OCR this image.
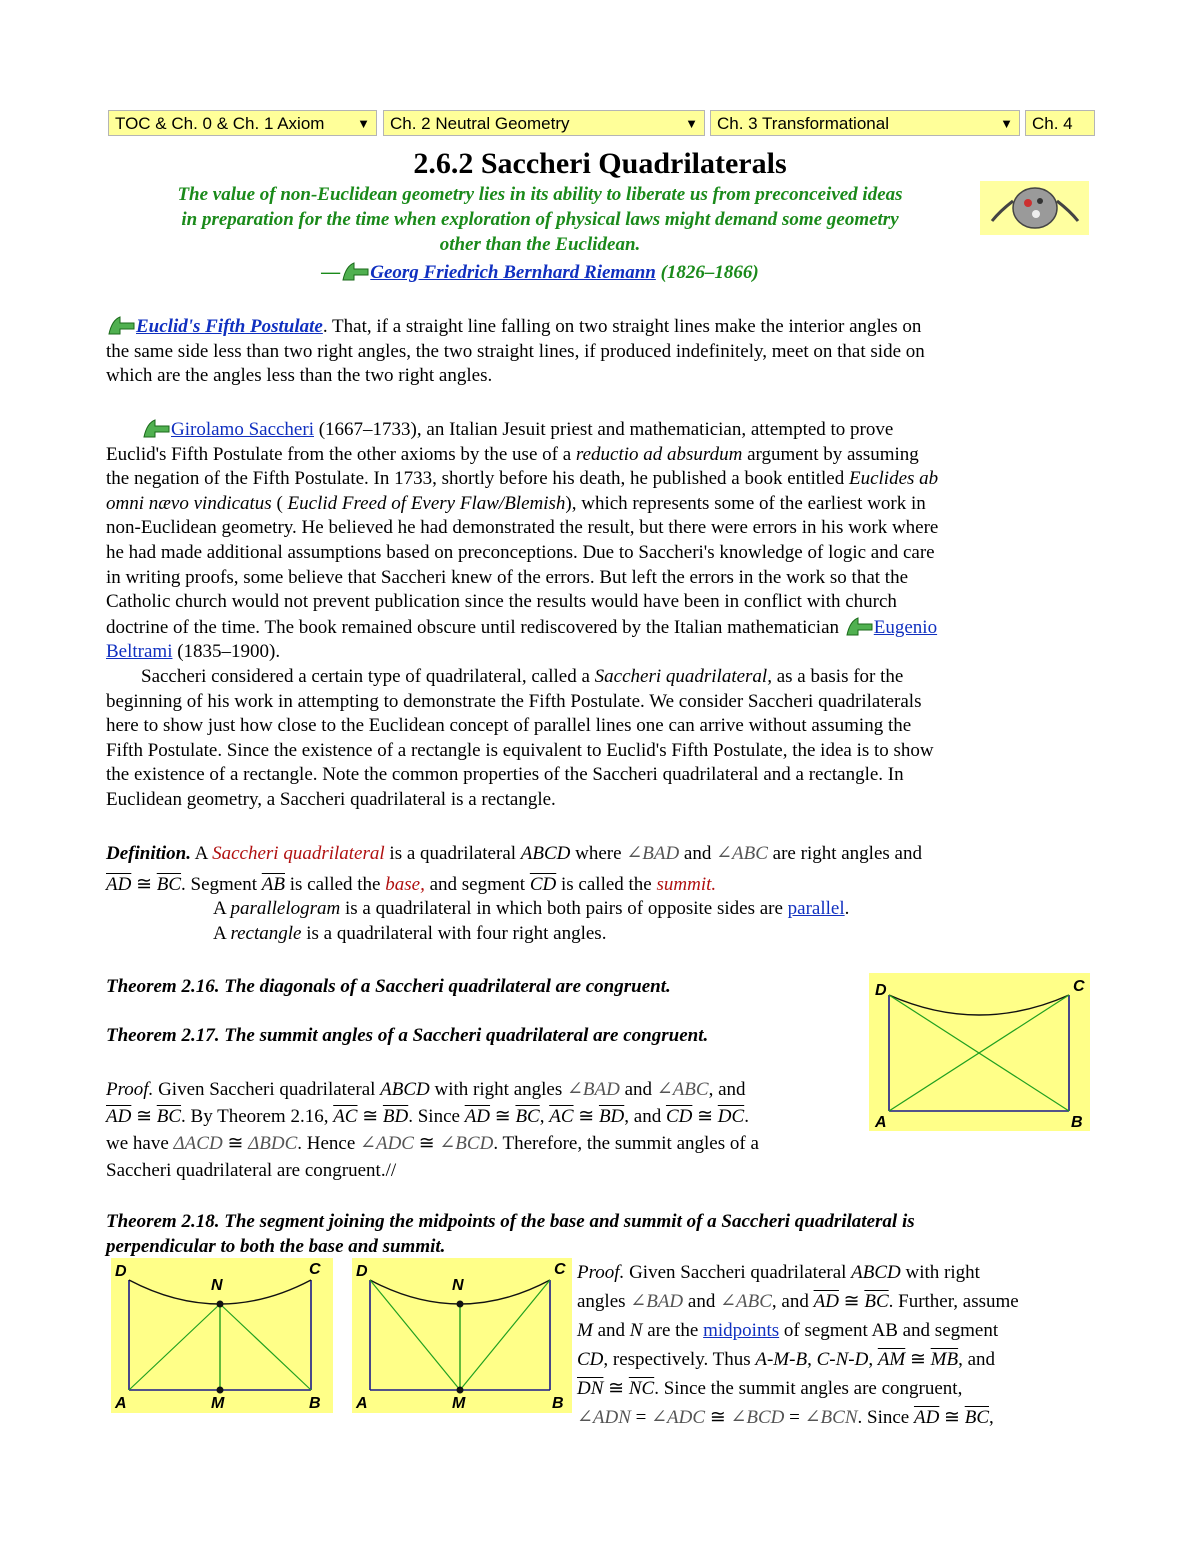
TOC & Ch. 0 & Ch. 1 Axiom	▼	Ch. 2 Neutral Geometry	▼	Ch. 3 Transformational	▼	Ch. 4
2.6.2 Saccheri Quadrilaterals
The value of non-Euclidean geometry lies in its ability to liberate us from preconceived ideas
in preparation for the time when exploration of physical laws might demand some geometry
other than the Euclidean.
— Georg Friedrich Bernhard Riemann (1826–1866)
Euclid's Fifth Postulate. That, if a straight line falling on two straight lines make the interior angles on
the same side less than two right angles, the two straight lines, if produced indefinitely, meet on that side on
which are the angles less than the two right angles.
Girolamo Saccheri (1667–1733), an Italian Jesuit priest and mathematician, attempted to prove
Euclid's Fifth Postulate from the other axioms by the use of a reductio ad absurdum argument by assuming
the negation of the Fifth Postulate. In 1733, shortly before his death, he published a book entitled Euclides ab
omni nævo vindicatus ( Euclid Freed of Every Flaw/Blemish), which represents some of the earliest work in
non-Euclidean geometry. He believed he had demonstrated the result, but there were errors in his work where
he had made additional assumptions based on preconceptions. Due to Saccheri's knowledge of logic and care
in writing proofs, some believe that Saccheri knew of the errors. But left the errors in the work so that the
Catholic church would not prevent publication since the results would have been in conflict with church
doctrine of the time. The book remained obscure until rediscovered by the Italian mathematician Eugenio
Beltrami (1835–1900).
Saccheri considered a certain type of quadrilateral, called a Saccheri quadrilateral, as a basis for the
beginning of his work in attempting to demonstrate the Fifth Postulate. We consider Saccheri quadrilaterals
here to show just how close to the Euclidean concept of parallel lines one can arrive without assuming the
Fifth Postulate. Since the existence of a rectangle is equivalent to Euclid's Fifth Postulate, the idea is to show
the existence of a rectangle. Note the common properties of the Saccheri quadrilateral and a rectangle. In
Euclidean geometry, a Saccheri quadrilateral is a rectangle.
Definition. A Saccheri quadrilateral is a quadrilateral ABCD where ∠BAD and ∠ABC are right angles and
$\overline{AD}$ ≅ $\overline{BC}$. Segment $\overline{AB}$ is called the base, and segment $\overline{CD}$ is called the summit.
A parallelogram is a quadrilateral in which both pairs of opposite sides are parallel.
A rectangle is a quadrilateral with four right angles.
Theorem 2.16. The diagonals of a Saccheri quadrilateral are congruent.
Theorem 2.17. The summit angles of a Saccheri quadrilateral are congruent.
A	B
C
D
Proof. Given Saccheri quadrilateral ABCD with right angles ∠BAD and ∠ABC, and
$\overline{AD}$ ≅ $\overline{BC}$. By Theorem 2.16, $\overline{AC}$ ≅ $\overline{BD}$. Since $\overline{AD}$ ≅ $\overline{BC}$, $\overline{AC}$ ≅ $\overline{BD}$, and $\overline{CD}$ ≅ $\overline{DC}$.
we have ΔACD ≅ ΔBDC. Hence ∠ADC ≅ ∠BCD. Therefore, the summit angles of a
Saccheri quadrilateral are congruent.//
Theorem 2.18. The segment joining the midpoints of the base and summit of a Saccheri quadrilateral is
perpendicular to both the base and summit.
A	B
C
D
M
N
A	B
C
D
M
N
Proof. Given Saccheri quadrilateral ABCD with right
angles ∠BAD and ∠ABC, and $\overline{AD}$ ≅ $\overline{BC}$. Further, assume
M and N are the midpoints of segment AB and segment
CD, respectively. Thus A-M-B, C-N-D, $\overline{AM}$ ≅ $\overline{MB}$, and
$\overline{DN}$ ≅ $\overline{NC}$. Since the summit angles are congruent,
∠ADN = ∠ADC ≅ ∠BCD = ∠BCN. Since $\overline{AD}$ ≅ $\overline{BC}$,
